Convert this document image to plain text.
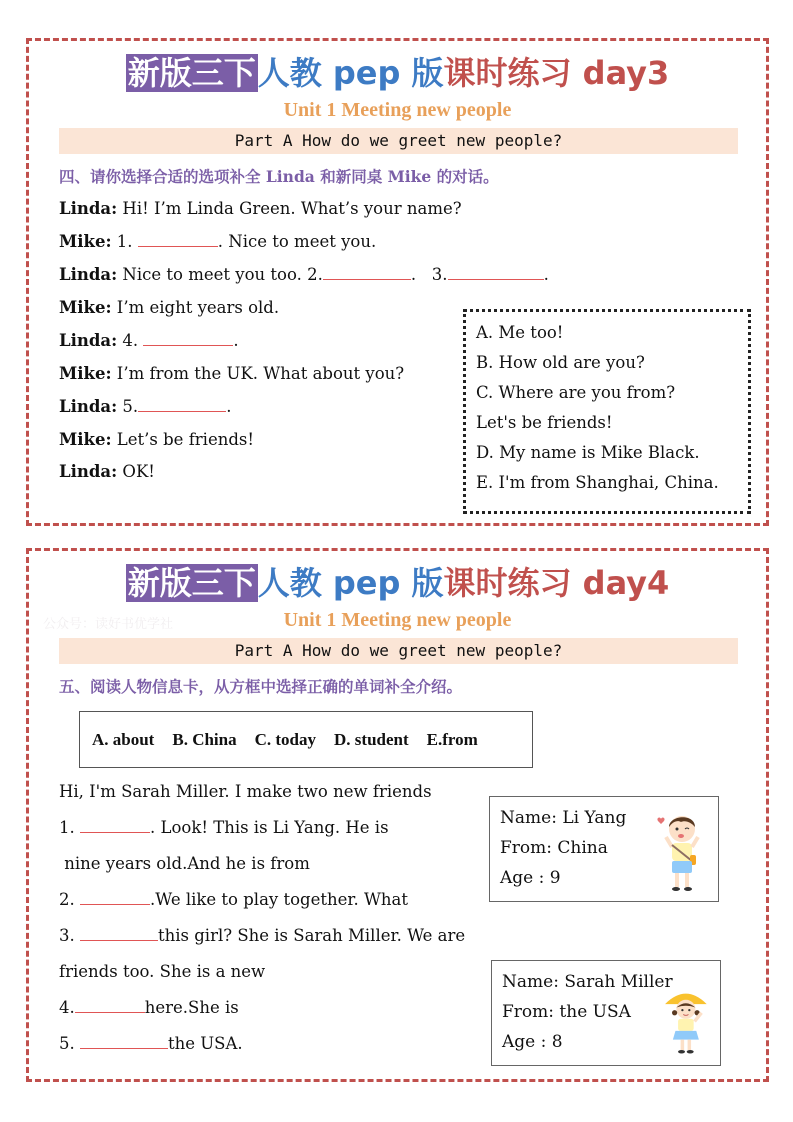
新版三下人教 pep 版课时练习 day3
Unit 1 Meeting new people
Part A How do we greet new people?
四、请你选择合适的选项补全 Linda 和新同桌 Mike 的对话。
Linda: Hi! I’m Linda Green. What’s your name?
Mike: 1.	. Nice to meet you.
Linda: Nice to meet you too. 2.	.   3.	.
Mike: I’m eight years old.
Linda: 4.	.
Mike: I’m from the UK. What about you?
Linda: 5.	.
Mike: Let’s be friends!
Linda: OK!
A. Me too!
B. How old are you?
C. Where are you from?
Let's be friends!
D. My name is Mike Black.
E. I'm from Shanghai, China.
新版三下人教 pep 版课时练习 day4
公众号：读好书优学社	Unit 1 Meeting new people
Part A How do we greet new people?
五、阅读人物信息卡，从方框中选择正确的单词补全介绍。
A. about B. China C. today D. student E.from
Hi, I'm Sarah Miller. I make two new friends
1.	. Look! This is Li Yang. He is
nine years old.And he is from
2.	.We like to play together. What
3.	this girl? She is Sarah Miller. We are
friends too. She is a new
4.	here.She is
5.	the USA.
Name: Li Yang
From: China
Age : 9
Name: Sarah Miller
From: the USA
Age : 8
